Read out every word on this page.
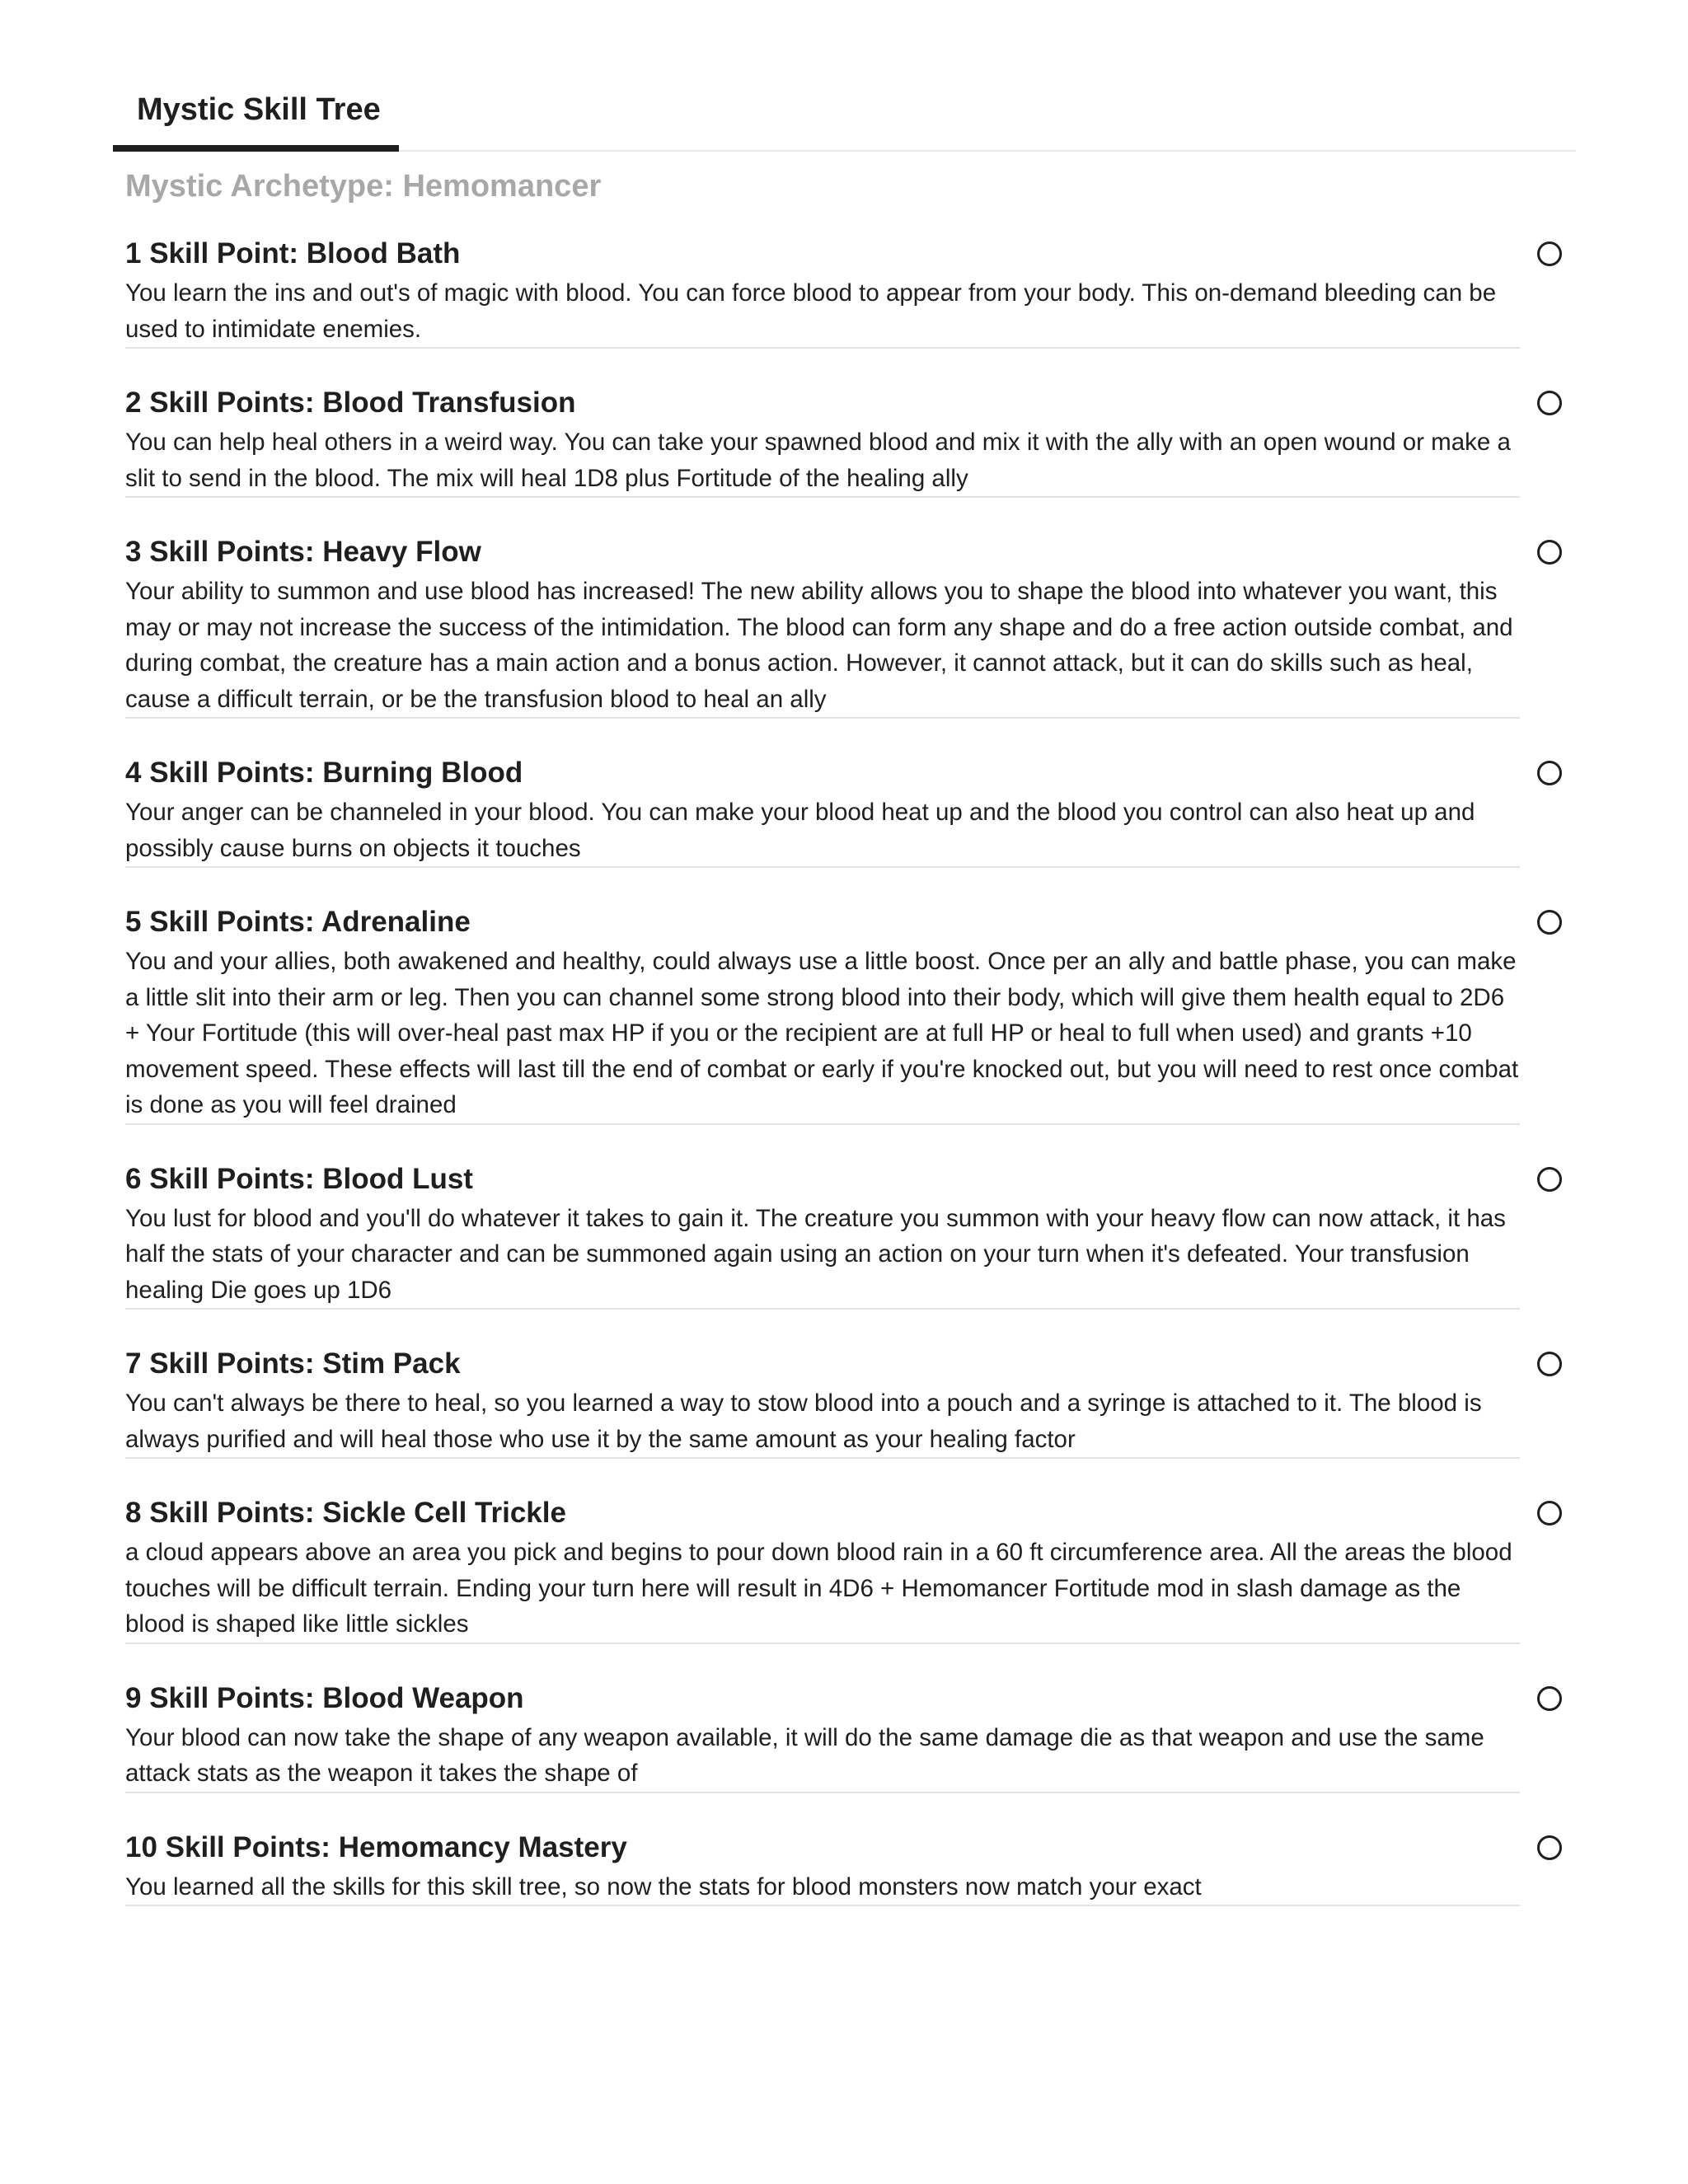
Mystic Skill Tree
Mystic Archetype: Hemomancer
1 Skill Point: Blood Bath

You learn the ins and out's of magic with blood. You can force blood to appear from your body. This on-demand bleeding can be used to intimidate enemies.

2 Skill Points: Blood Transfusion

You can help heal others in a weird way. You can take your spawned blood and mix it with the ally with an open wound or make a slit to send in the blood. The mix will heal 1D8 plus Fortitude of the healing ally

3 Skill Points: Heavy Flow

Your ability to summon and use blood has increased! The new ability allows you to shape the blood into whatever you want, this may or may not increase the success of the intimidation. The blood can form any shape and do a free action outside combat, and during combat, the creature has a main action and a bonus action. However, it cannot attack, but it can do skills such as heal, cause a difficult terrain, or be the transfusion blood to heal an ally

4 Skill Points: Burning Blood

Your anger can be channeled in your blood. You can make your blood heat up and the blood you control can also heat up and possibly cause burns on objects it touches

5 Skill Points: Adrenaline

You and your allies, both awakened and healthy, could always use a little boost. Once per an ally and battle phase, you can make a little slit into their arm or leg. Then you can channel some strong blood into their body, which will give them health equal to 2D6 + Your Fortitude (this will over-heal past max HP if you or the recipient are at full HP or heal to full when used) and grants +10 movement speed. These effects will last till the end of combat or early if you're knocked out, but you will need to rest once combat is done as you will feel drained

6 Skill Points: Blood Lust

You lust for blood and you'll do whatever it takes to gain it. The creature you summon with your heavy flow can now attack, it has half the stats of your character and can be summoned again using an action on your turn when it's defeated. Your transfusion healing Die goes up 1D6

7 Skill Points: Stim Pack

You can't always be there to heal, so you learned a way to stow blood into a pouch and a syringe is attached to it. The blood is always purified and will heal those who use it by the same amount as your healing factor

8 Skill Points: Sickle Cell Trickle

a cloud appears above an area you pick and begins to pour down blood rain in a 60 ft circumference area. All the areas the blood touches will be difficult terrain. Ending your turn here will result in 4D6 + Hemomancer Fortitude mod in slash damage as the blood is shaped like little sickles

9 Skill Points: Blood Weapon

Your blood can now take the shape of any weapon available, it will do the same damage die as that weapon and use the same attack stats as the weapon it takes the shape of

10 Skill Points: Hemomancy Mastery

You learned all the skills for this skill tree, so now the stats for blood monsters now match your exact
